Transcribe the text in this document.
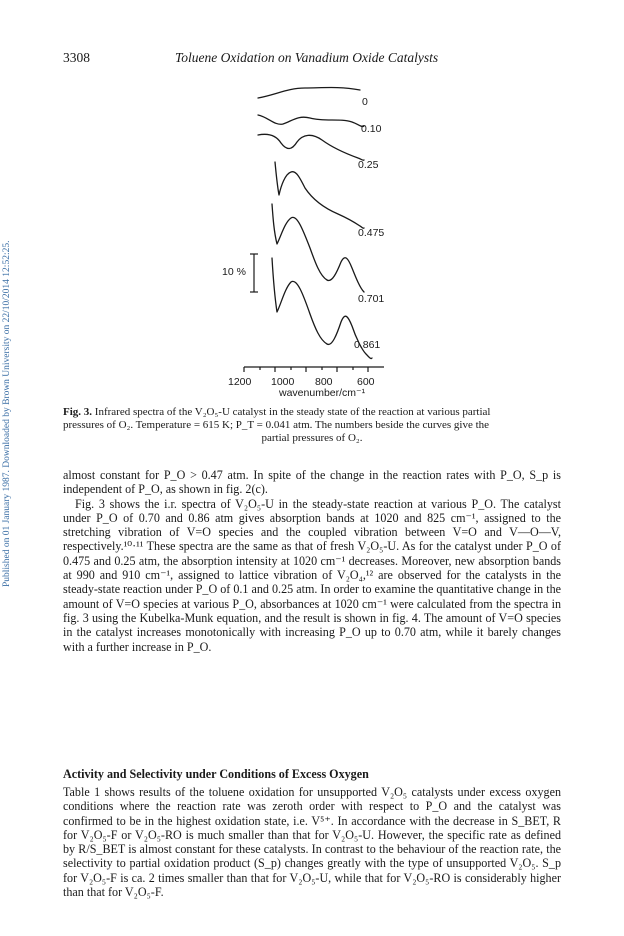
Published on 01 January 1987. Downloaded by Brown University on 22/10/2014 12:52:25.
3308	Toluene Oxidation on Vanadium Oxide Catalysts
0
0.10
0.25
0.475
0.701
0.861
10 %
1200 1000 800 600
wavenumber/cm⁻¹
Fig. 3. Infrared spectra of the V₂O₅-U catalyst in the steady state of the reaction at various partial
pressures of O₂. Temperature = 615 K; P_T = 0.041 atm. The numbers beside the curves give the
partial pressures of O₂.

almost constant for P_O > 0.47 atm. In spite of the change in the reaction rates with P_O, S_p is independent of P_O, as shown in fig. 2(c).

Fig. 3 shows the i.r. spectra of V₂O₅-U in the steady-state reaction at various P_O. The catalyst under P_O of 0.70 and 0.86 atm gives absorption bands at 1020 and 825 cm⁻¹, assigned to the stretching vibration of V=O species and the coupled vibration between V=O and V—O—V, respectively.¹⁰·¹¹ These spectra are the same as that of fresh V₂O₅-U. As for the catalyst under P_O of 0.475 and 0.25 atm, the absorption intensity at 1020 cm⁻¹ decreases. Moreover, new absorption bands at 990 and 910 cm⁻¹, assigned to lattice vibration of V₂O₄,¹² are observed for the catalysts in the steady-state reaction under P_O of 0.1 and 0.25 atm. In order to examine the quantitative change in the amount of V=O species at various P_O, absorbances at 1020 cm⁻¹ were calculated from the spectra in fig. 3 using the Kubelka-Munk equation, and the result is shown in fig. 4. The amount of V=O species in the catalyst increases monotonically with increasing P_O up to 0.70 atm, while it barely changes with a further increase in P_O.

Activity and Selectivity under Conditions of Excess Oxygen

Table 1 shows results of the toluene oxidation for unsupported V₂O₅ catalysts under excess oxygen conditions where the reaction rate was zeroth order with respect to P_O and the catalyst was confirmed to be in the highest oxidation state, i.e. V⁵⁺. In accordance with the decrease in S_BET, R for V₂O₅-F or V₂O₅-RO is much smaller than that for V₂O₅-U. However, the specific rate as defined by R/S_BET is almost constant for these catalysts. In contrast to the behaviour of the reaction rate, the selectivity to partial oxidation product (S_p) changes greatly with the type of unsupported V₂O₅. S_p for V₂O₅-F is ca. 2 times smaller than that for V₂O₅-U, while that for V₂O₅-RO is considerably higher than that for V₂O₅-F.
